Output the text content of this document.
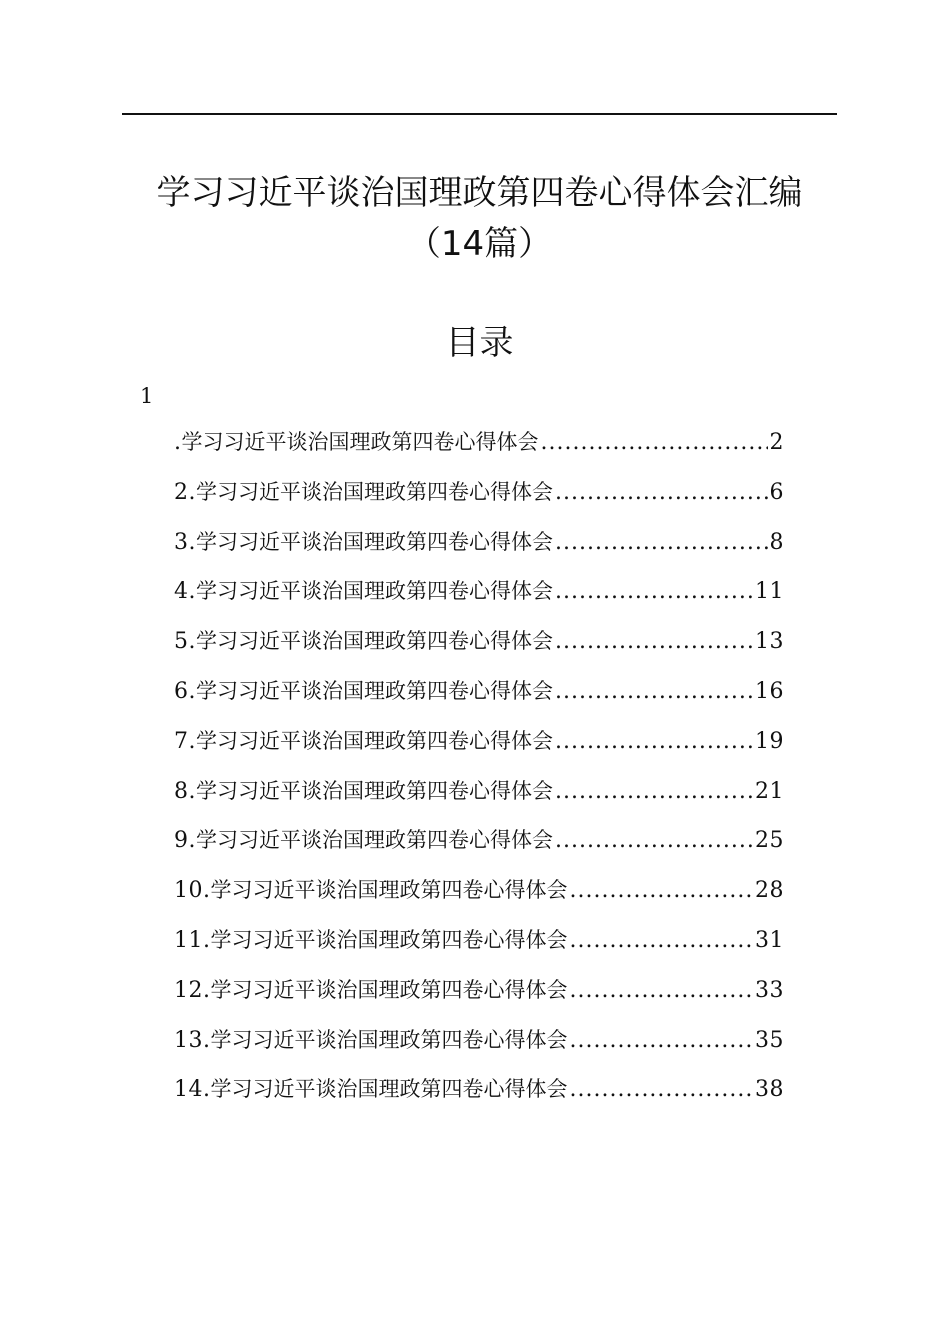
学习习近平谈治国理政第四卷心得体会汇编
（14篇）
目录
1
. 学习习近平谈治国理政第四卷心得体会 .....	2
2. 学习习近平谈治国理政第四卷心得体会 .....	6
3. 学习习近平谈治国理政第四卷心得体会 .....	8
4. 学习习近平谈治国理政第四卷心得体会 .....	11
5. 学习习近平谈治国理政第四卷心得体会 .....	13
6. 学习习近平谈治国理政第四卷心得体会 .....	16
7. 学习习近平谈治国理政第四卷心得体会 .....	19
8. 学习习近平谈治国理政第四卷心得体会 .....	21
9. 学习习近平谈治国理政第四卷心得体会 .....	25
10. 学习习近平谈治国理政第四卷心得体会 .....	28
11. 学习习近平谈治国理政第四卷心得体会 .....	31
12. 学习习近平谈治国理政第四卷心得体会 .....	33
13. 学习习近平谈治国理政第四卷心得体会 .....	35
14. 学习习近平谈治国理政第四卷心得体会 .....	38
